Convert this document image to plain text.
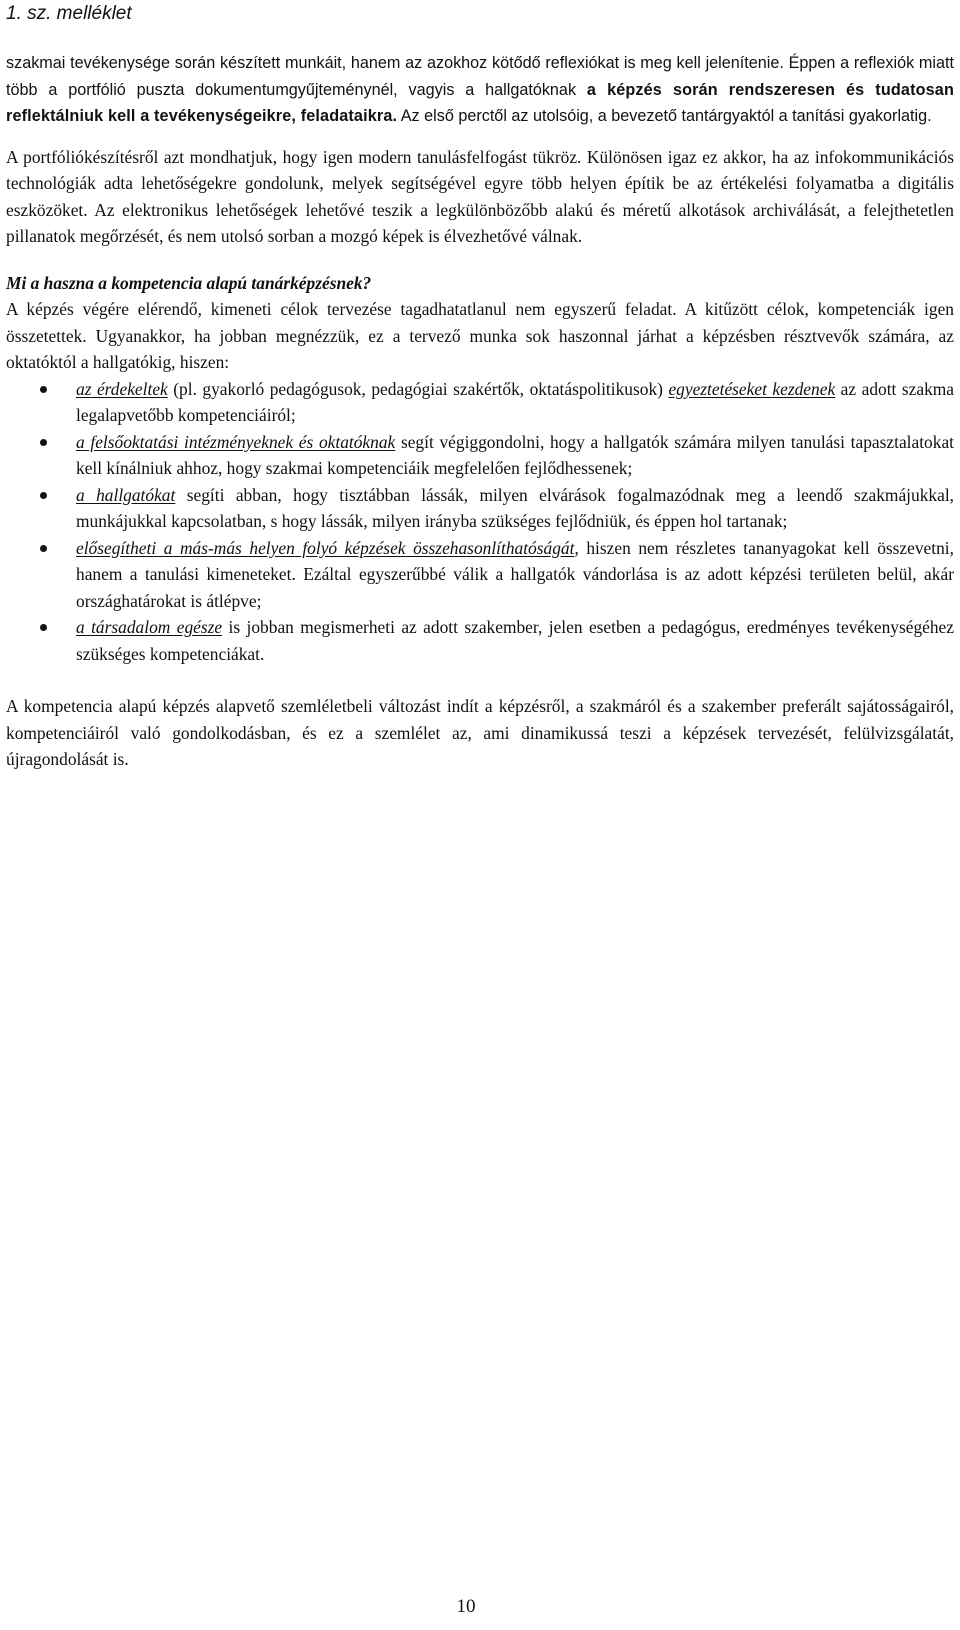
1. sz. melléklet

szakmai tevékenysége során készített munkáit, hanem az azokhoz kötődő reflexiókat is meg kell jelenítenie. Éppen a reflexiók miatt több a portfólió puszta dokumentumgyűjteménynél, vagyis a hallgatóknak a képzés során rendszeresen és tudatosan reflektálniuk kell a tevékenységeikre, feladataikra. Az első perctől az utolsóig, a bevezető tantárgyaktól a tanítási gyakorlatig.

A portfóliókészítésről azt mondhatjuk, hogy igen modern tanulásfelfogást tükröz. Különösen igaz ez akkor, ha az infokommunikációs technológiák adta lehetőségekre gondolunk, melyek segítségével egyre több helyen építik be az értékelési folyamatba a digitális eszközöket. Az elektronikus lehetőségek lehetővé teszik a legkülönbözőbb alakú és méretű alkotások archiválását, a felejthetetlen pillanatok megőrzését, és nem utolsó sorban a mozgó képek is élvezhetővé válnak.

Mi a haszna a kompetencia alapú tanárképzésnek?

A képzés végére elérendő, kimeneti célok tervezése tagadhatatlanul nem egyszerű feladat. A kitűzött célok, kompetenciák igen összetettek. Ugyanakkor, ha jobban megnézzük, ez a tervező munka sok haszonnal járhat a képzésben résztvevők számára, az oktatóktól a hallgatókig, hiszen:

az érdekeltek (pl. gyakorló pedagógusok, pedagógiai szakértők, oktatáspolitikusok) egyeztetéseket kezdenek az adott szakma legalapvetőbb kompetenciáiról;
a felsőoktatási intézményeknek és oktatóknak segít végiggondolni, hogy a hallgatók számára milyen tanulási tapasztalatokat kell kínálniuk ahhoz, hogy szakmai kompetenciáik megfelelően fejlődhessenek;
a hallgatókat segíti abban, hogy tisztábban lássák, milyen elvárások fogalmazódnak meg a leendő szakmájukkal, munkájukkal kapcsolatban, s hogy lássák, milyen irányba szükséges fejlődniük, és éppen hol tartanak;
elősegítheti a más-más helyen folyó képzések összehasonlíthatóságát, hiszen nem részletes tananyagokat kell összevetni, hanem a tanulási kimeneteket. Ezáltal egyszerűbbé válik a hallgatók vándorlása is az adott képzési területen belül, akár országhatárokat is átlépve;
a társadalom egésze is jobban megismerheti az adott szakember, jelen esetben a pedagógus, eredményes tevékenységéhez szükséges kompetenciákat.

A kompetencia alapú képzés alapvető szemléletbeli változást indít a képzésről, a szakmáról és a szakember preferált sajátosságairól, kompetenciáiról való gondolkodásban, és ez a szemlélet az, ami dinamikussá teszi a képzések tervezését, felülvizsgálatát, újragondolását is.

10
